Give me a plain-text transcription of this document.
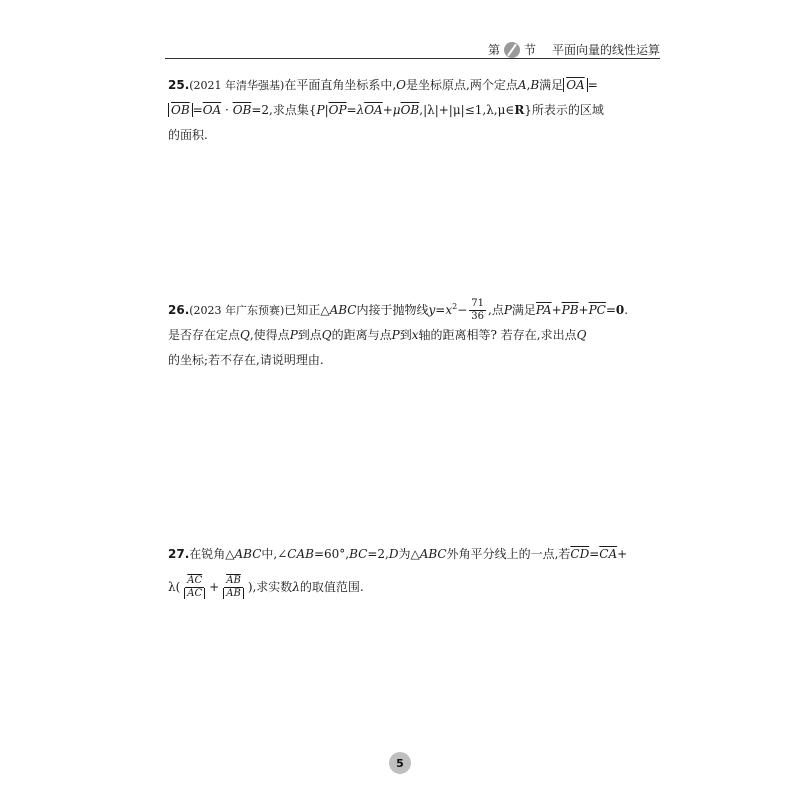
第 节 平面向量的线性运算
25.(2021 年清华强基)在平面直角坐标系中,O是坐标原点,两个定点A,B满足 $\overline{OA}$ =
$\overline{OB} =\overline{OA} \cdot \overline{OB}=2$,求点集$\{P|\overline{OP}=\lambda\overline{OA}+\mu\overline{OB},|\lambda|+|\mu|\le 1,\lambda,\mu\in R\}$所表示的区域
的面积.
26.(2023 年广东预赛)已知正△ABC内接于抛物线$y=x^2- \frac{71}{36}$ ,点P满足$\overline{PA}+\overline{PB}+\overline{PC}=0$.
是否存在定点Q,使得点P到点Q的距离与点P到x轴的距离相等? 若存在,求出点Q
的坐标;若不存在,请说明理由.
27.在锐角△ABC中,∠CAB=60°,BC=2,D为△ABC外角平分线上的一点,若$\overline{CD}=\overline{CA}+$
$\lambda( \frac{\overline{AC}}{AC} + \frac{\overline{AB}}{AB}$ ),求实数λ的取值范围.
5
